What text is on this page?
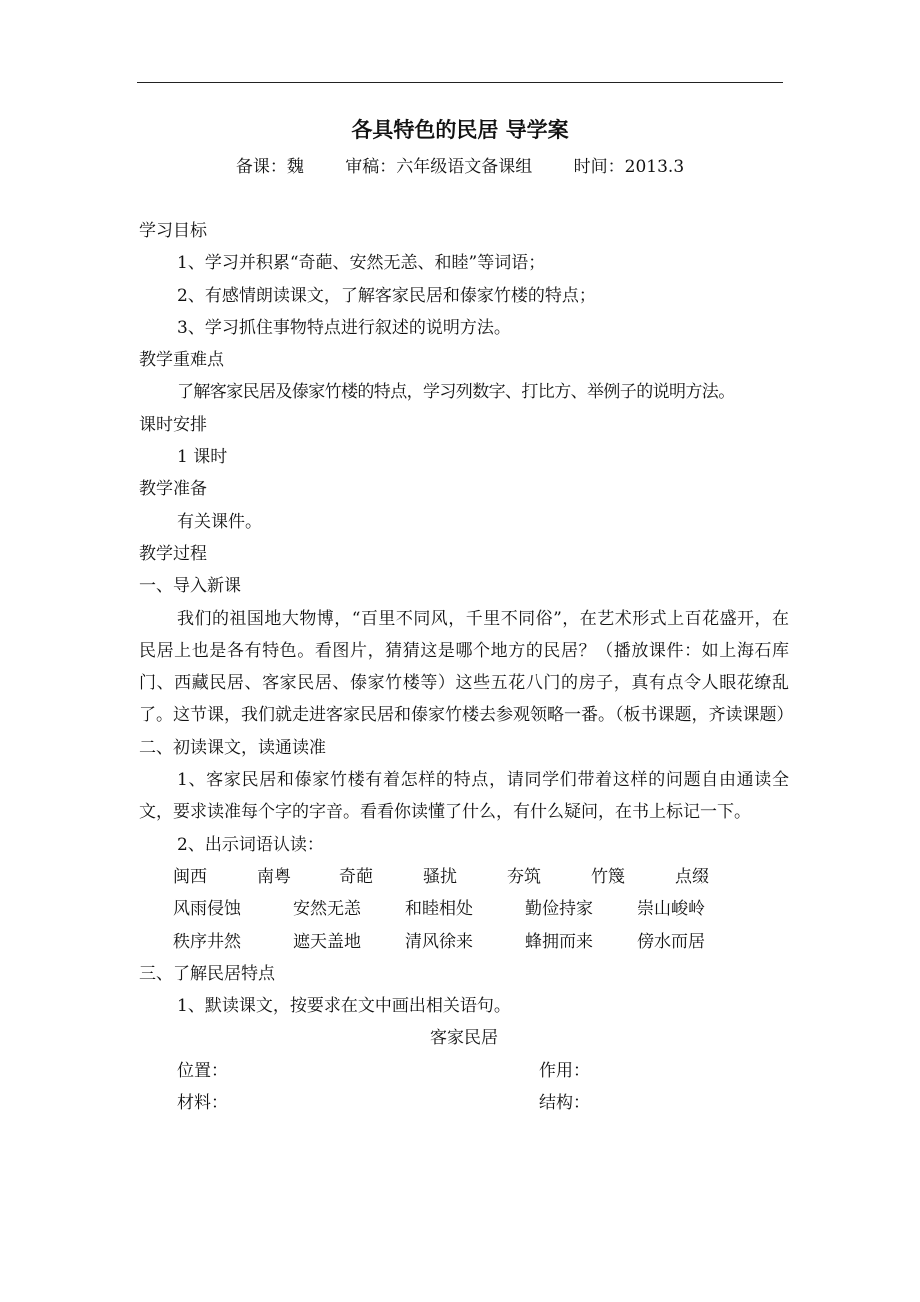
各具特色的民居 导学案
备课：魏 审稿：六年级语文备课组 时间：2013.3

学习目标

1、学习并积累“奇葩、安然无恙、和睦”等词语；

2、有感情朗读课文，了解客家民居和傣家竹楼的特点；

3、学习抓住事物特点进行叙述的说明方法。

教学重难点

了解客家民居及傣家竹楼的特点，学习列数字、打比方、举例子的说明方法。

课时安排

1 课时

教学准备

有关课件。

教学过程

一、导入新课

我们的祖国地大物博，“百里不同风，千里不同俗”，在艺术形式上百花盛开，在民居上也是各有特色。看图片，猜猜这是哪个地方的民居？（播放课件：如上海石库门、西藏民居、客家民居、傣家竹楼等）这些五花八门的房子，真有点令人眼花缭乱了。这节课，我们就走进客家民居和傣家竹楼去参观领略一番。（板书课题，齐读课题）

二、初读课文，读通读准

1、客家民居和傣家竹楼有着怎样的特点，请同学们带着这样的问题自由通读全文，要求读准每个字的字音。看看你读懂了什么，有什么疑问，在书上标记一下。

2、出示词语认读：

闽西	南粤	奇葩	骚扰	夯筑	竹篾	点缀

风雨侵蚀	安然无恙	和睦相处	勤俭持家	崇山峻岭

秩序井然	遮天盖地	清风徐来	蜂拥而来	傍水而居

三、了解民居特点

1、默读课文，按要求在文中画出相关语句。

客家民居

位置：	作用：

材料：	结构：
